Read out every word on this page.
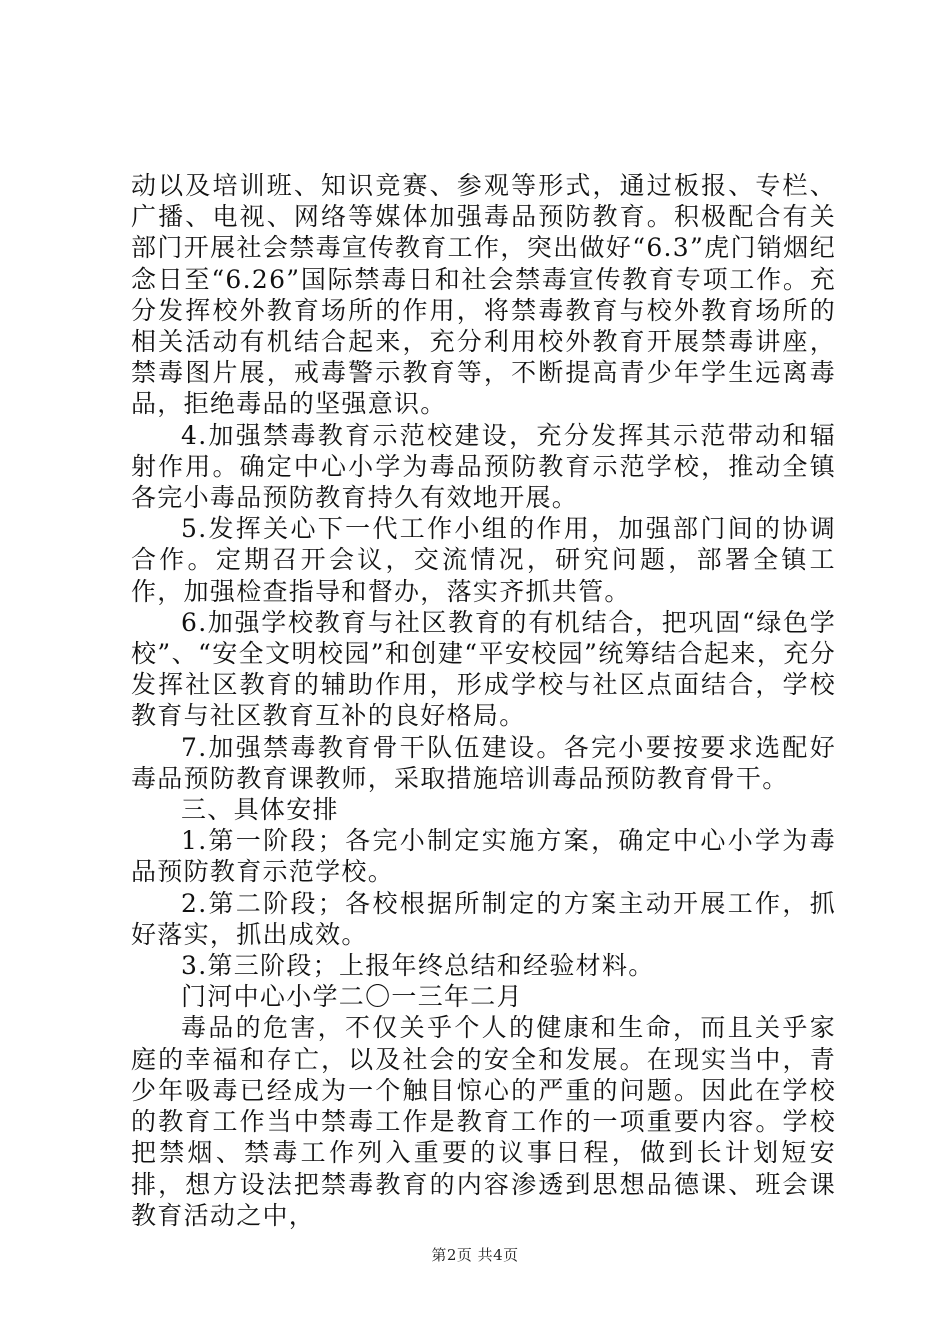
动以及培训班、知识竞赛、参观等形式，通过板报、专栏、广播、电视、网络等媒体加强毒品预防教育。积极配合有关部门开展社会禁毒宣传教育工作，突出做好“6.3”虎门销烟纪念日至“6.26”国际禁毒日和社会禁毒宣传教育专项工作。充分发挥校外教育场所的作用，将禁毒教育与校外教育场所的相关活动有机结合起来，充分利用校外教育开展禁毒讲座，禁毒图片展，戒毒警示教育等，不断提高青少年学生远离毒品，拒绝毒品的坚强意识。

4.加强禁毒教育示范校建设，充分发挥其示范带动和辐射作用。确定中心小学为毒品预防教育示范学校，推动全镇各完小毒品预防教育持久有效地开展。

5.发挥关心下一代工作小组的作用，加强部门间的协调合作。定期召开会议，交流情况，研究问题，部署全镇工作，加强检查指导和督办，落实齐抓共管。

6.加强学校教育与社区教育的有机结合，把巩固“绿色学校”、“安全文明校园”和创建“平安校园”统筹结合起来，充分发挥社区教育的辅助作用，形成学校与社区点面结合，学校教育与社区教育互补的良好格局。

7.加强禁毒教育骨干队伍建设。各完小要按要求选配好毒品预防教育课教师，采取措施培训毒品预防教育骨干。

三、具体安排

1.第一阶段；各完小制定实施方案，确定中心小学为毒品预防教育示范学校。

2.第二阶段；各校根据所制定的方案主动开展工作，抓好落实，抓出成效。

3.第三阶段；上报年终总结和经验材料。

门河中心小学二〇一三年二月

毒品的危害，不仅关乎个人的健康和生命，而且关乎家庭的幸福和存亡，以及社会的安全和发展。在现实当中，青少年吸毒已经成为一个触目惊心的严重的问题。因此在学校的教育工作当中禁毒工作是教育工作的一项重要内容。学校把禁烟、禁毒工作列入重要的议事日程，做到长计划短安排，想方设法把禁毒教育的内容渗透到思想品德课、班会课教育活动之中，

第2页 共4页
